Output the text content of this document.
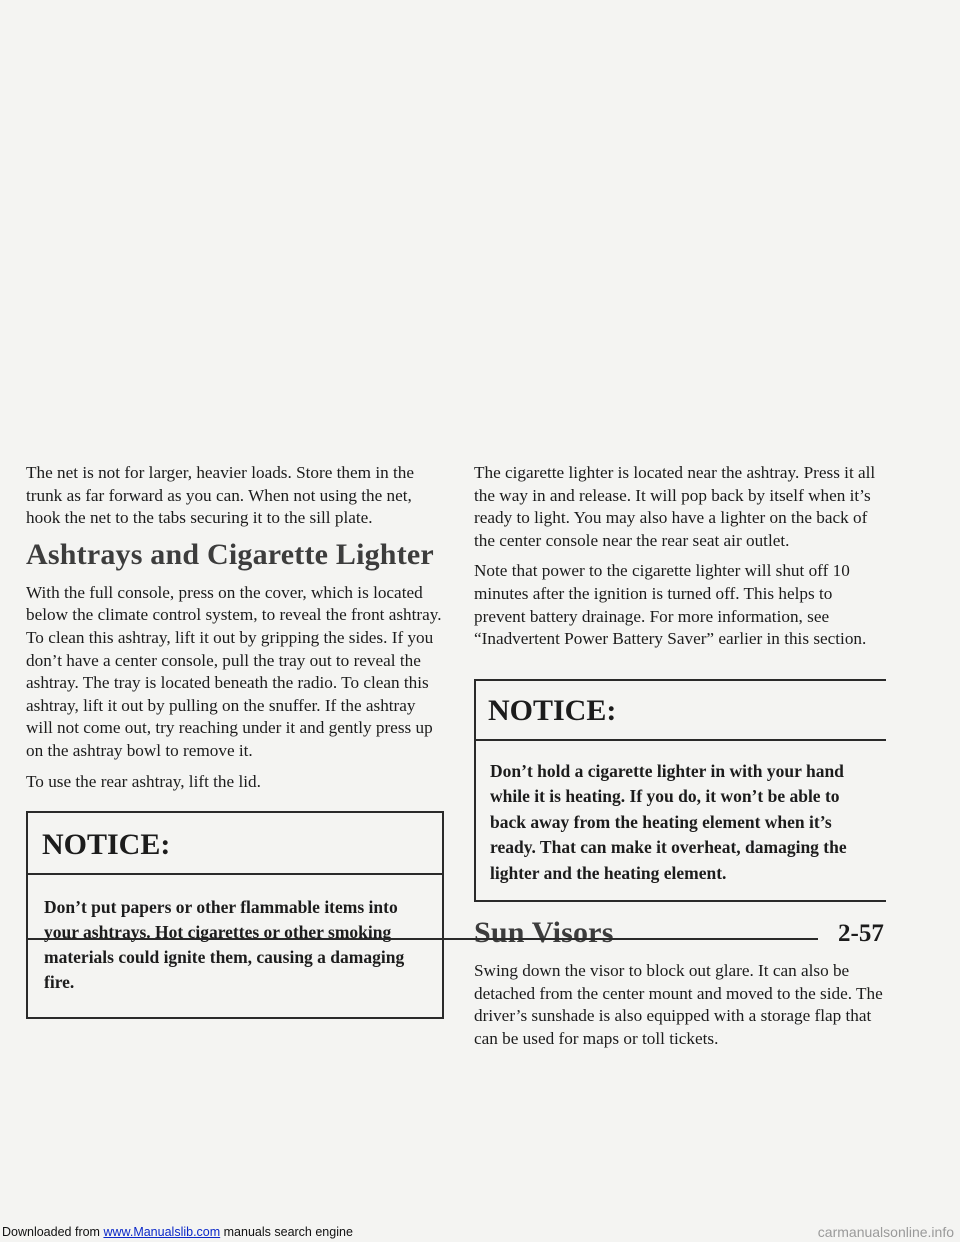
The net is not for larger, heavier loads. Store them in the trunk as far forward as you can. When not using the net, hook the net to the tabs securing it to the sill plate.

Ashtrays and Cigarette Lighter

With the full console, press on the cover, which is located below the climate control system, to reveal the front ashtray. To clean this ashtray, lift it out by gripping the sides. If you don’t have a center console, pull the tray out to reveal the ashtray. The tray is located beneath the radio. To clean this ashtray, lift it out by pulling on the snuffer. If the ashtray will not come out, try reaching under it and gently press up on the ashtray bowl to remove it.

To use the rear ashtray, lift the lid.

NOTICE:
Don’t put papers or other flammable items into your ashtrays. Hot cigarettes or other smoking materials could ignite them, causing a damaging fire.

The cigarette lighter is located near the ashtray. Press it all the way in and release. It will pop back by itself when it’s ready to light. You may also have a lighter on the back of the center console near the rear seat air outlet.

Note that power to the cigarette lighter will shut off 10 minutes after the ignition is turned off. This helps to prevent battery drainage. For more information, see “Inadvertent Power Battery Saver” earlier in this section.

NOTICE:
Don’t hold a cigarette lighter in with your hand while it is heating. If you do, it won’t be able to back away from the heating element when it’s ready. That can make it overheat, damaging the lighter and the heating element.
Sun Visors

Swing down the visor to block out glare. It can also be detached from the center mount and moved to the side. The driver’s sunshade is also equipped with a storage flap that can be used for maps or toll tickets.

2-57
Downloaded from www.Manualslib.com manuals search engine	carmanualsonline.info
